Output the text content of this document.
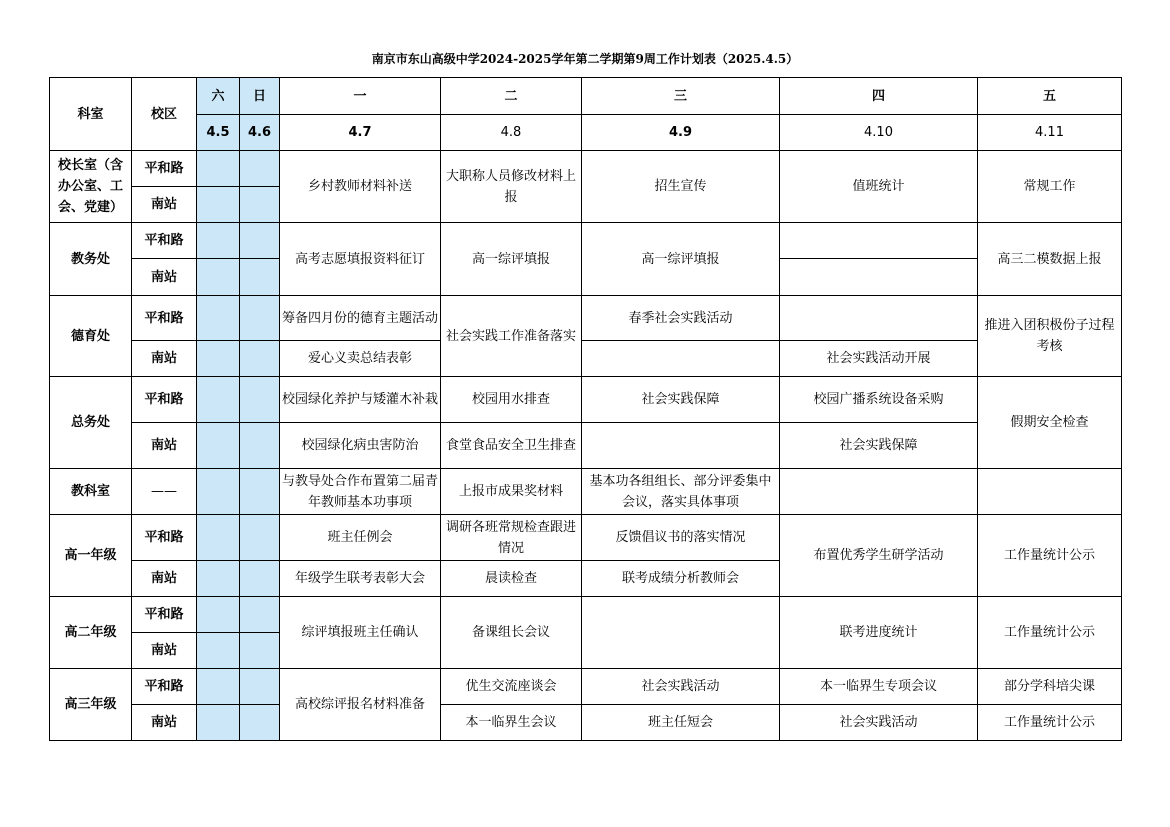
南京市东山高级中学2024-2025学年第二学期第9周工作计划表（2025.4.5）
科室	校区	六	日	一	二	三	四	五
		4.5	4.6	4.7	4.8	4.9	4.10	4.11
校长室（含办公室、工会、党建）	平和路			乡村教师材料补送	大职称人员修改材料上报	招生宣传	值班统计	常规工作
	南站							
教务处	平和路			高考志愿填报资料征订	高一综评填报	高一综评填报		高三二模数据上报
	南站							
德育处	平和路			筹备四月份的德育主题活动	社会实践工作准备落实	春季社会实践活动		推进入团积极份子过程考核
	南站			爱心义卖总结表彰			社会实践活动开展	
总务处	平和路			校园绿化养护与矮灌木补栽	校园用水排查	社会实践保障	校园广播系统设备采购	假期安全检查
	南站			校园绿化病虫害防治	食堂食品安全卫生排查		社会实践保障	
教科室	——			与教导处合作布置第二届青年教师基本功事项	上报市成果奖材料	基本功各组组长、部分评委集中会议，落实具体事项		
高一年级	平和路			班主任例会	调研各班常规检查跟进情况	反馈倡议书的落实情况	布置优秀学生研学活动	工作量统计公示
	南站			年级学生联考表彰大会	晨读检查	联考成绩分析教师会		
高二年级	平和路			综评填报班主任确认	备课组长会议		联考进度统计	工作量统计公示
	南站							
高三年级	平和路			高校综评报名材料准备	优生交流座谈会	社会实践活动	本一临界生专项会议	部分学科培尖课
	南站				本一临界生会议	班主任短会	社会实践活动	工作量统计公示
